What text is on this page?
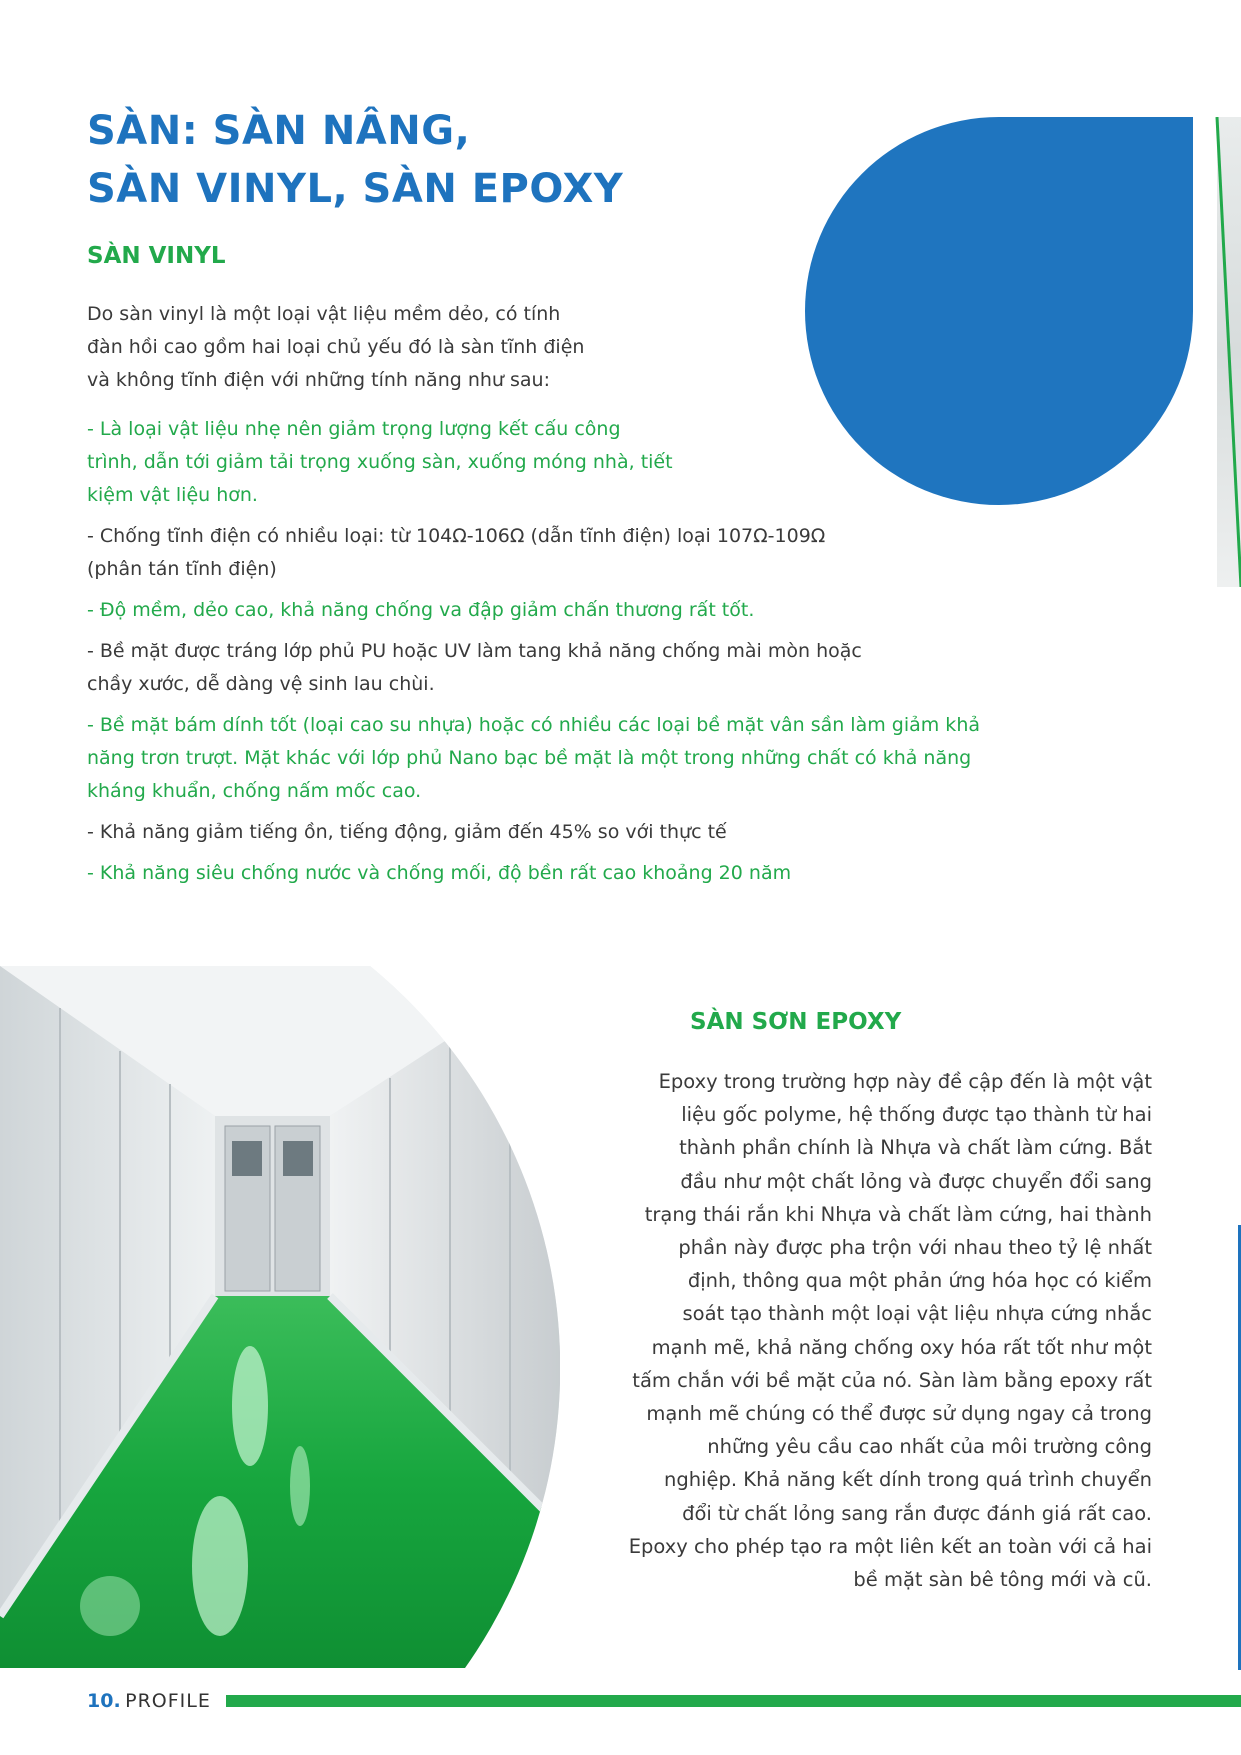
SÀN: SÀN NÂNG,
SÀN VINYL, SÀN EPOXY
SÀN VINYL
Do sàn vinyl là một loại vật liệu mềm dẻo, có tính
đàn hồi cao gồm hai loại chủ yếu đó là sàn tĩnh điện
và không tĩnh điện với những tính năng như sau:
- Là loại vật liệu nhẹ nên giảm trọng lượng kết cấu công
trình, dẫn tới giảm tải trọng xuống sàn, xuống móng nhà, tiết
kiệm vật liệu hơn.
- Chống tĩnh điện có nhiều loại: từ 104Ω-106Ω (dẫn tĩnh điện) loại 107Ω-109Ω
(phân tán tĩnh điện)
- Độ mềm, dẻo cao, khả năng chống va đập giảm chấn thương rất tốt.
- Bề mặt được tráng lớp phủ PU hoặc UV làm tang khả năng chống mài mòn hoặc
chầy xước, dễ dàng vệ sinh lau chùi.
- Bề mặt bám dính tốt (loại cao su nhựa) hoặc có nhiều các loại bề mặt vân sần làm giảm khả
năng trơn trượt. Mặt khác với lớp phủ Nano bạc bề mặt là một trong những chất có khả năng
kháng khuẩn, chống nấm mốc cao.
- Khả năng giảm tiếng ồn, tiếng động, giảm đến 45% so với thực tế
- Khả năng siêu chống nước và chống mối, độ bền rất cao khoảng 20 năm
SÀN SƠN EPOXY
Epoxy trong trường hợp này đề cập đến là một vật
liệu gốc polyme, hệ thống được tạo thành từ hai
thành phần chính là Nhựa và chất làm cứng. Bắt
đầu như một chất lỏng và được chuyển đổi sang
trạng thái rắn khi Nhựa và chất làm cứng, hai thành
phần này được pha trộn với nhau theo tỷ lệ nhất
định, thông qua một phản ứng hóa học có kiểm
soát tạo thành một loại vật liệu nhựa cứng nhắc
mạnh mẽ, khả năng chống oxy hóa rất tốt như một
tấm chắn với bề mặt của nó. Sàn làm bằng epoxy rất
mạnh mẽ chúng có thể được sử dụng ngay cả trong
những yêu cầu cao nhất của môi trường công
nghiệp. Khả năng kết dính trong quá trình chuyển
đổi từ chất lỏng sang rắn được đánh giá rất cao.
Epoxy cho phép tạo ra một liên kết an toàn với cả hai
bề mặt sàn bê tông mới và cũ.
10. PROFILE
